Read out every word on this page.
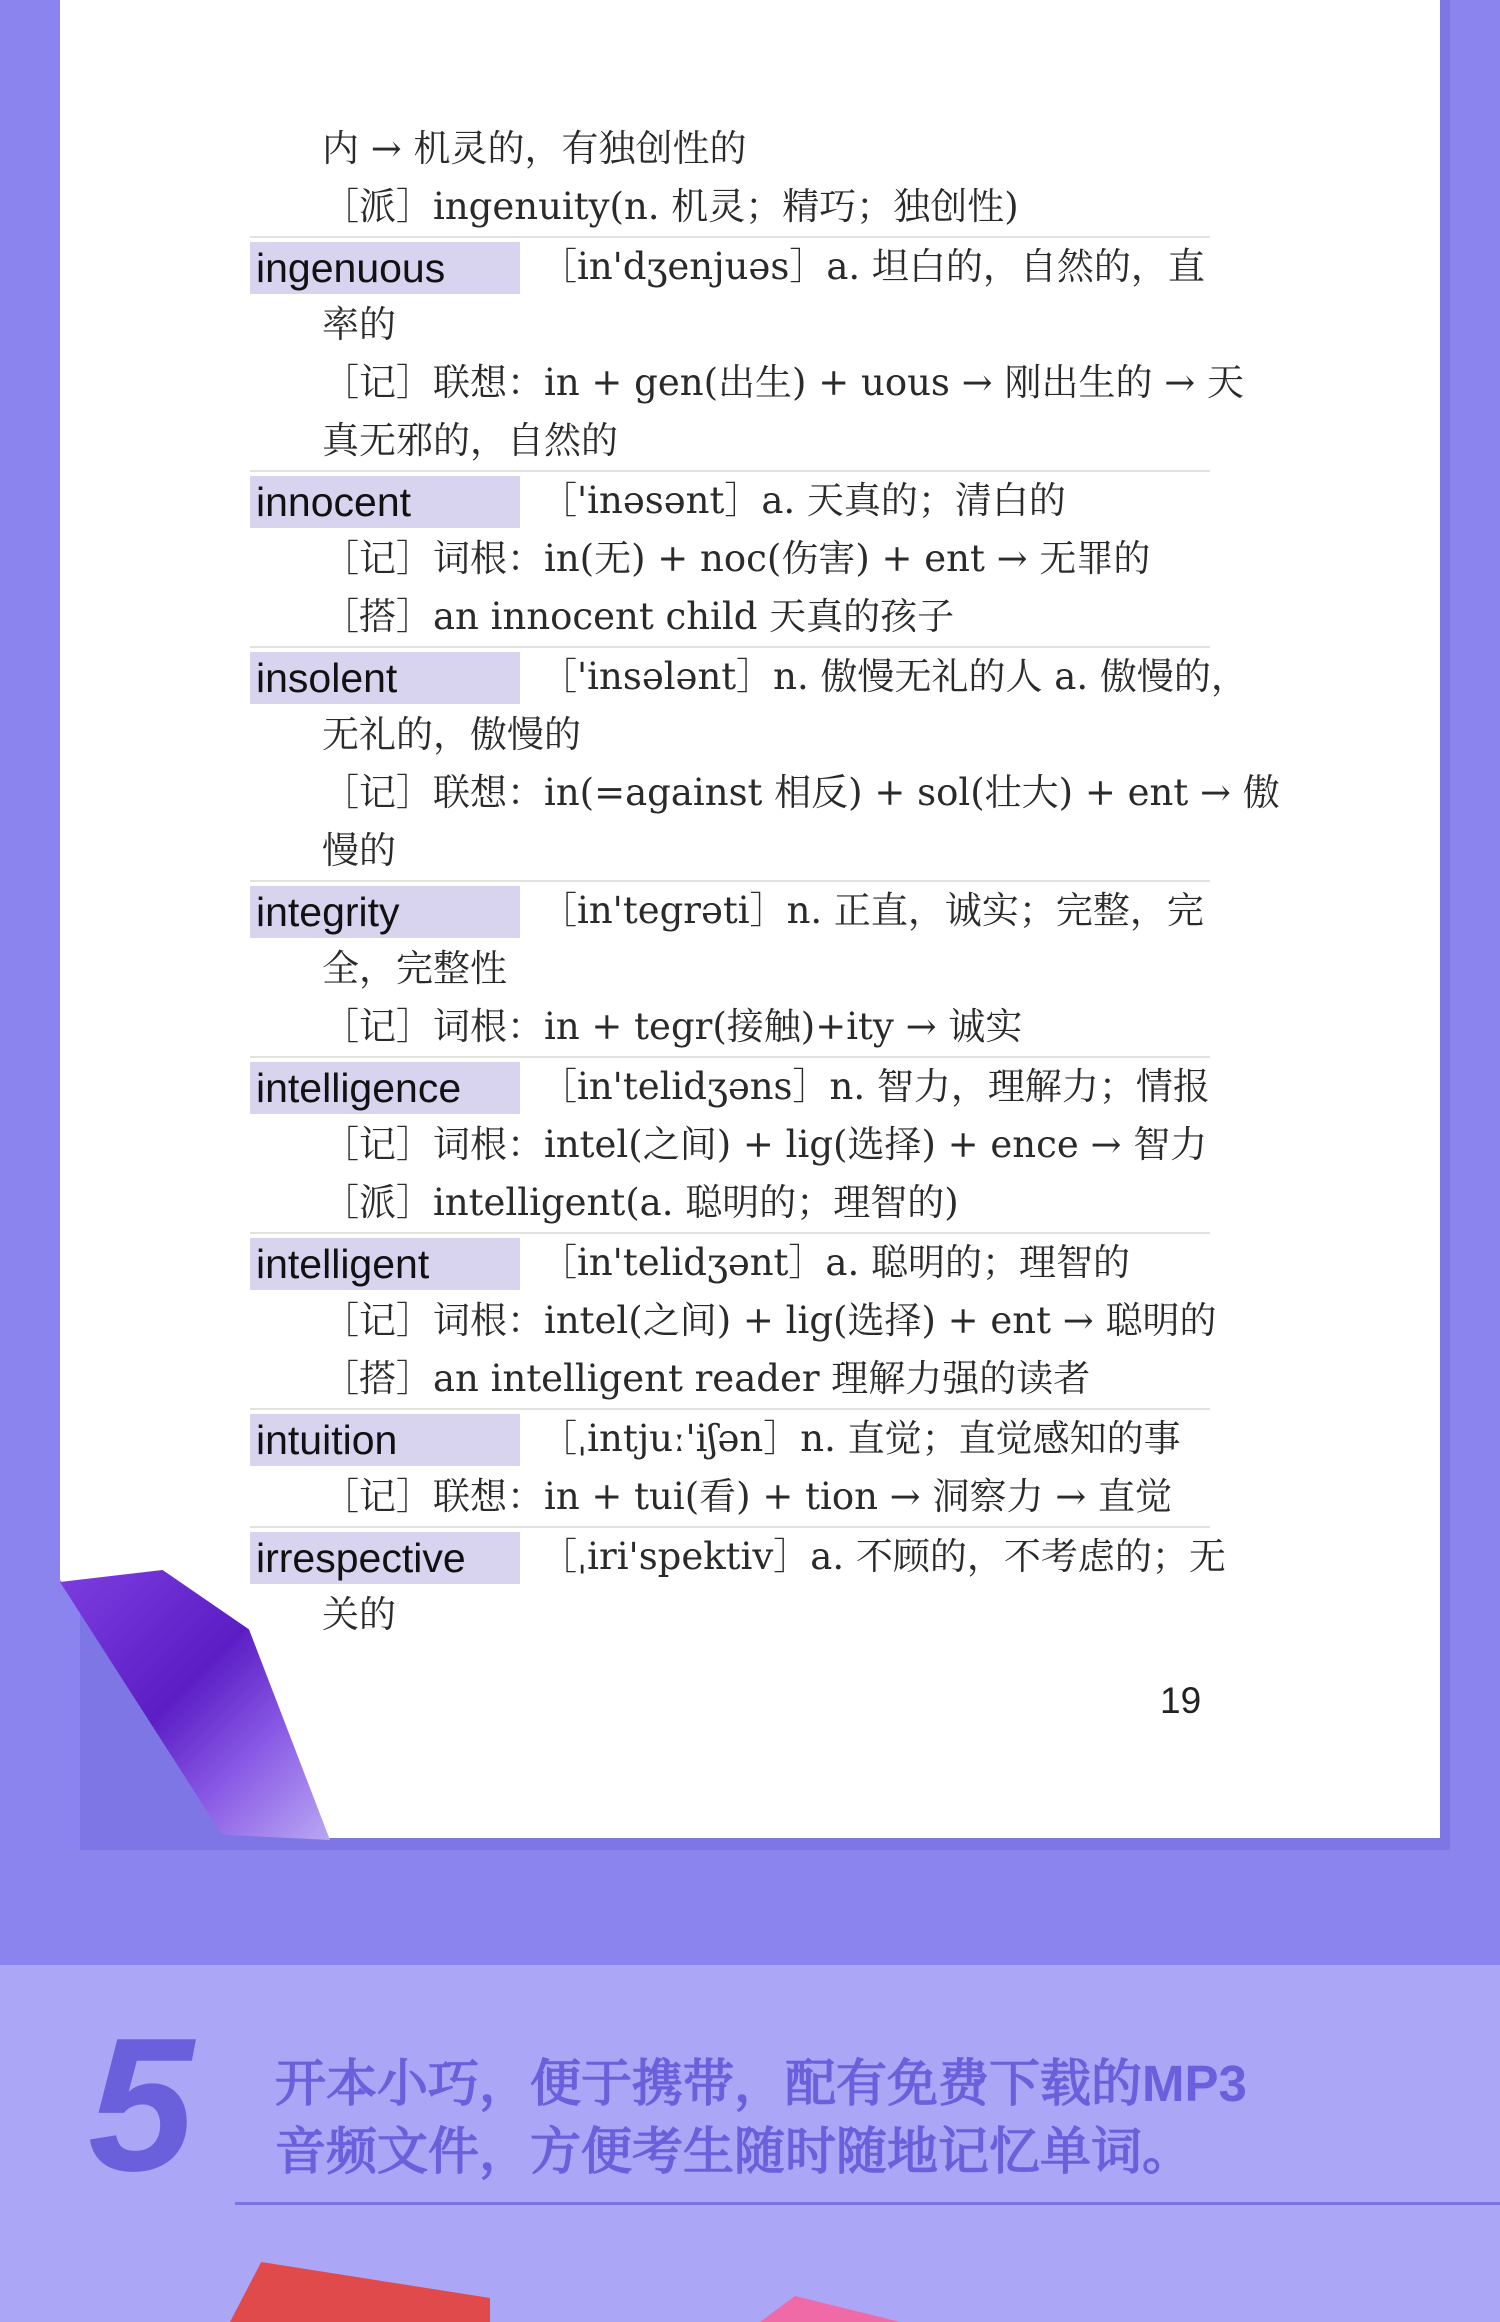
内 → 机灵的，有独创性的
［派］ingenuity(n. 机灵；精巧；独创性)
ingenuous	［in'dʒenjuəs］a. 坦白的，自然的，直
率的
［记］联想：in + gen(出生) + uous → 刚出生的 → 天
真无邪的，自然的
innocent	［'inəsənt］a. 天真的；清白的
［记］词根：in(无) + noc(伤害) + ent → 无罪的
［搭］an innocent child 天真的孩子
insolent	［'insələnt］n. 傲慢无礼的人 a. 傲慢的，
无礼的，傲慢的
［记］联想：in(=against 相反) + sol(壮大) + ent → 傲
慢的
integrity	［in'tegrəti］n. 正直，诚实；完整，完
全，完整性
［记］词根：in + tegr(接触)+ity → 诚实
intelligence	［in'telidʒəns］n. 智力，理解力；情报
［记］词根：intel(之间) + lig(选择) + ence → 智力
［派］intelligent(a. 聪明的；理智的)
intelligent	［in'telidʒənt］a. 聪明的；理智的
［记］词根：intel(之间) + lig(选择) + ent → 聪明的
［搭］an intelligent reader 理解力强的读者
intuition	［ˌintjuː'iʃən］n. 直觉；直觉感知的事
［记］联想：in + tui(看) + tion → 洞察力 → 直觉
irrespective	［ˌiri'spektiv］a. 不顾的，不考虑的；无
关的
19
5 开本小巧，便于携带，配有免费下载的MP3
音频文件，方便考生随时随地记忆单词。
